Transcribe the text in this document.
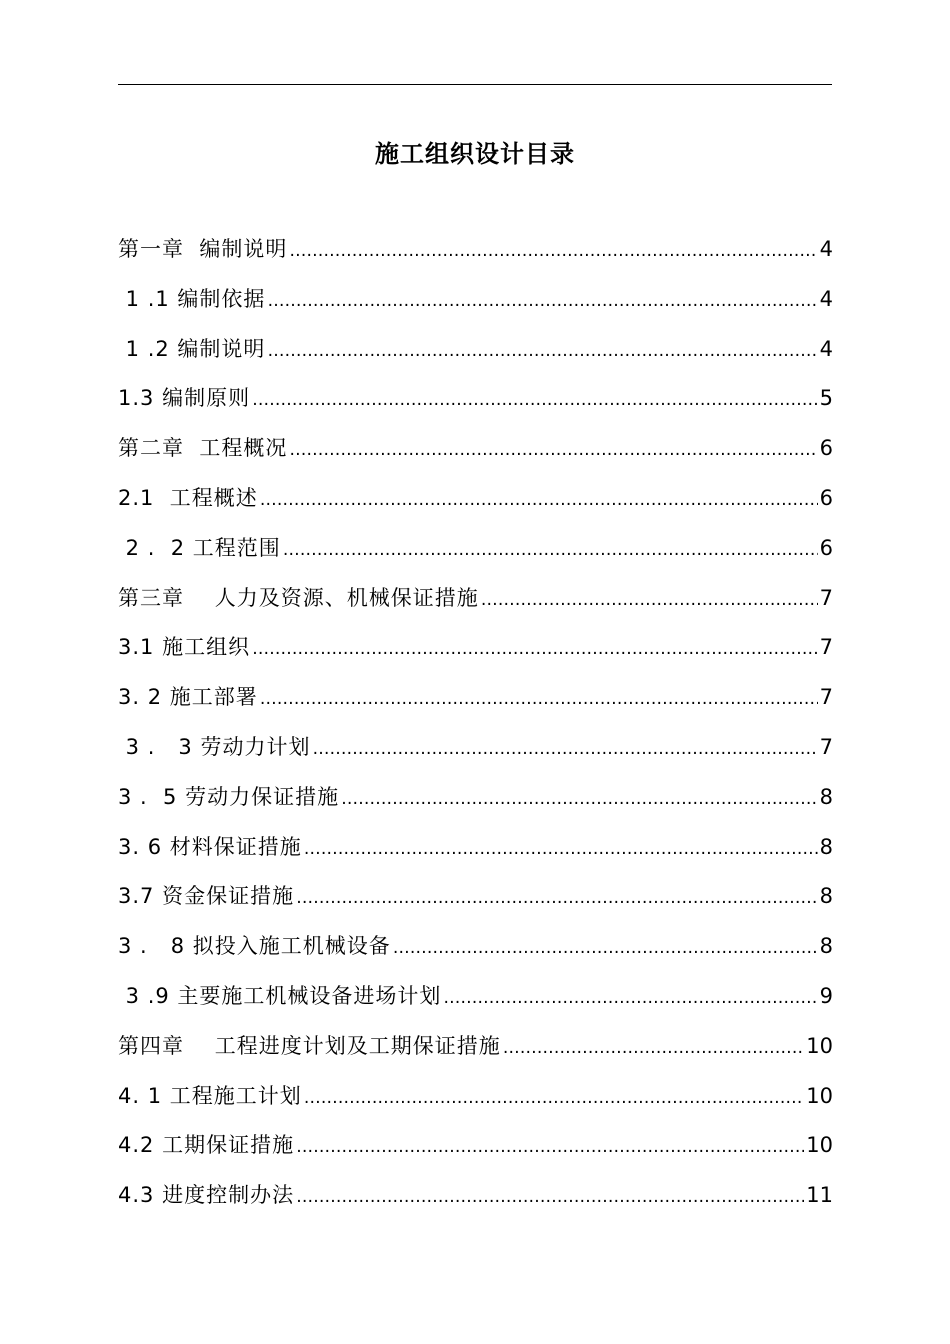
施工组织设计目录
第一章  编制说明 ……………………………………………………………………………………………………………………………………………………………	4
1 .1 编制依据 ……………………………………………………………………………………………………………………………………………………………	4
1 .2 编制说明 ……………………………………………………………………………………………………………………………………………………………	4
1.3 编制原则 ……………………………………………………………………………………………………………………………………………………………	5
第二章  工程概况 ……………………………………………………………………………………………………………………………………………………………	6
2.1  工程概述 ……………………………………………………………………………………………………………………………………………………………	6
2 .  2 工程范围 ……………………………………………………………………………………………………………………………………………………………	6
第三章    人力及资源、机械保证措施 ……………………………………………………………………………………………………………………………………………………………	7
3.1 施工组织 ……………………………………………………………………………………………………………………………………………………………	7
3. 2 施工部署 ……………………………………………………………………………………………………………………………………………………………	7
3 .   3 劳动力计划 ……………………………………………………………………………………………………………………………………………………………	7
3 .  5 劳动力保证措施 ……………………………………………………………………………………………………………………………………………………………	8
3. 6 材料保证措施 ……………………………………………………………………………………………………………………………………………………………	8
3.7 资金保证措施 ……………………………………………………………………………………………………………………………………………………………	8
3 .   8 拟投入施工机械设备 ……………………………………………………………………………………………………………………………………………………………	8
3 .9 主要施工机械设备进场计划 ……………………………………………………………………………………………………………………………………………………………	9
第四章    工程进度计划及工期保证措施 ……………………………………………………………………………………………………………………………………………………………	10
4. 1 工程施工计划 ……………………………………………………………………………………………………………………………………………………………	10
4.2 工期保证措施 ……………………………………………………………………………………………………………………………………………………………	10
4.3 进度控制办法 ……………………………………………………………………………………………………………………………………………………………	11
